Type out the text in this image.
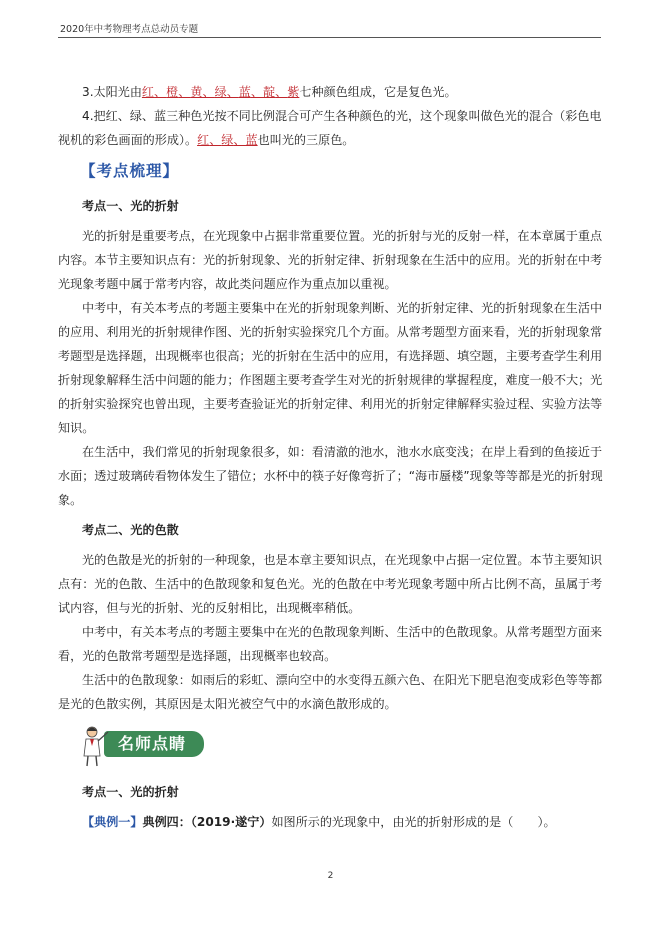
2020年中考物理考点总动员专题

3.太阳光由红、橙、黄、绿、蓝、靛、紫七种颜色组成，它是复色光。

4.把红、绿、蓝三种色光按不同比例混合可产生各种颜色的光，这个现象叫做色光的混合（彩色电视机的彩色画面的形成）。红、绿、蓝也叫光的三原色。

【考点梳理】

考点一、光的折射

光的折射是重要考点，在光现象中占据非常重要位置。光的折射与光的反射一样，在本章属于重点内容。本节主要知识点有：光的折射现象、光的折射定律、折射现象在生活中的应用。光的折射在中考光现象考题中属于常考内容，故此类问题应作为重点加以重视。

中考中，有关本考点的考题主要集中在光的折射现象判断、光的折射定律、光的折射现象在生活中的应用、利用光的折射规律作图、光的折射实验探究几个方面。从常考题型方面来看，光的折射现象常考题型是选择题，出现概率也很高；光的折射在生活中的应用，有选择题、填空题，主要考查学生利用折射现象解释生活中问题的能力；作图题主要考查学生对光的折射规律的掌握程度，难度一般不大；光的折射实验探究也曾出现，主要考查验证光的折射定律、利用光的折射定律解释实验过程、实验方法等知识。

在生活中，我们常见的折射现象很多，如：看清澈的池水，池水水底变浅；在岸上看到的鱼接近于水面；透过玻璃砖看物体发生了错位；水杯中的筷子好像弯折了；“海市蜃楼”现象等等都是光的折射现象。

考点二、光的色散

光的色散是光的折射的一种现象，也是本章主要知识点，在光现象中占据一定位置。本节主要知识点有：光的色散、生活中的色散现象和复色光。光的色散在中考光现象考题中所占比例不高，虽属于考试内容，但与光的折射、光的反射相比，出现概率稍低。

中考中，有关本考点的考题主要集中在光的色散现象判断、生活中的色散现象。从常考题型方面来看，光的色散常考题型是选择题，出现概率也较高。

生活中的色散现象：如雨后的彩虹、漂向空中的水变得五颜六色、在阳光下肥皂泡变成彩色等等都是光的色散实例，其原因是太阳光被空气中的水滴色散形成的。

名师点睛

考点一、光的折射

【典例一】典例四：（2019·遂宁）如图所示的光现象中，由光的折射形成的是（　　）。

2
